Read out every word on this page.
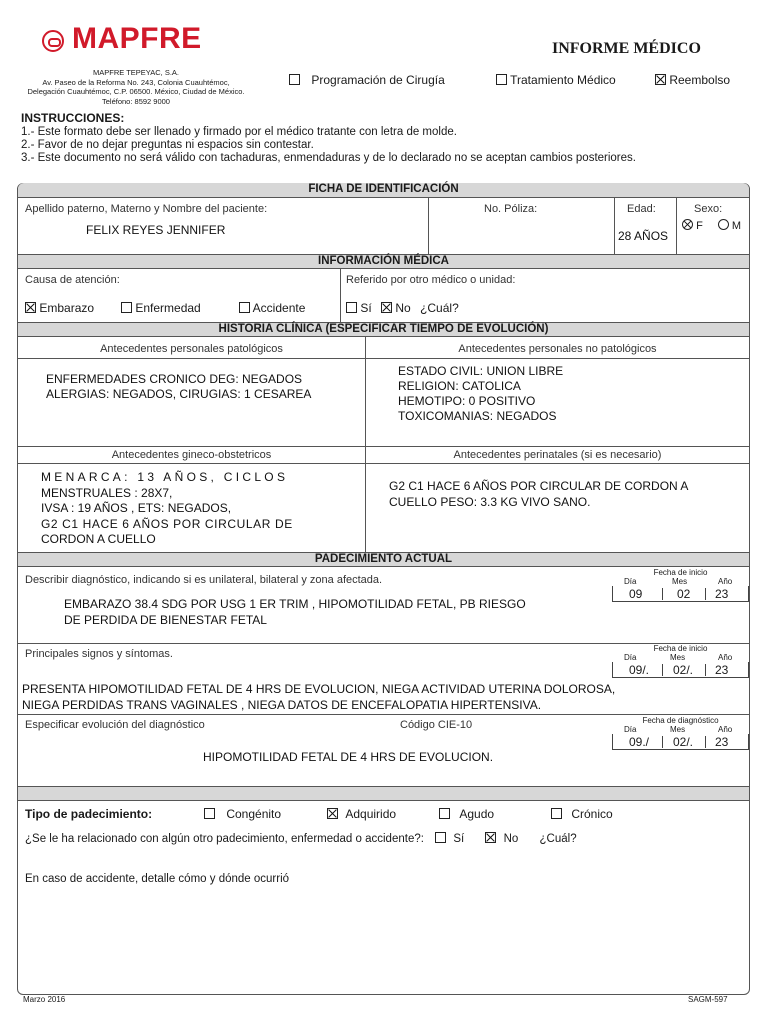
MAPFRE	INFORME MÉDICO
MAPFRE TEPEYAC, S.A.
Av. Paseo de la Reforma No. 243, Colonia Cuauhtémoc,
Delegación Cuauhtémoc, C.P. 06500. México, Ciudad de México.
Teléfono: 8592 9000
Programación de Cirugía	Tratamiento Médico	Reembolso
INSTRUCCIONES:
1.- Este formato debe ser llenado y firmado por el médico tratante con letra de molde.
2.- Favor de no dejar preguntas ni espacios sin contestar.
3.- Este documento no será válido con tachaduras, enmendaduras y de lo declarado no se aceptan cambios posteriores.
FICHA DE IDENTIFICACIÓN
Apellido paterno, Materno y Nombre del paciente:
FELIX REYES JENNIFER
No. Póliza:	Edad:
28 AÑOS
Sexo:
F	M
INFORMACIÓN MÉDICA
Causa de atención:
Embarazo	Enfermedad	Accidente
Referido por otro médico o unidad:
Sí No ¿Cuál?
HISTORIA CLÍNICA (ESPECIFICAR TIEMPO DE EVOLUCIÓN)
Antecedentes personales patológicos	Antecedentes personales no patológicos
ENFERMEDADES CRONICO DEG: NEGADOS
ALERGIAS: NEGADOS, CIRUGIAS: 1 CESAREA
ESTADO CIVIL: UNION LIBRE
RELIGION: CATOLICA
HEMOTIPO: 0 POSITIVO
TOXICOMANIAS: NEGADOS
Antecedentes gineco-obstetricos	Antecedentes perinatales (si es necesario)
MENARCA: 13 AÑOS, CICLOS
MENSTRUALES : 28X7,
IVSA : 19 AÑOS , ETS: NEGADOS,
G2 C1 HACE 6 AÑOS POR CIRCULAR DE
CORDON A CUELLO
G2 C1 HACE 6 AÑOS POR CIRCULAR DE CORDON A
CUELLO PESO: 3.3 KG VIVO SANO.
PADECIMIENTO ACTUAL
Describir diagnóstico, indicando si es unilateral, bilateral y zona afectada.
EMBARAZO 38.4 SDG POR USG 1 ER TRIM , HIPOMOTILIDAD FETAL, PB RIESGO
DE PERDIDA DE BIENESTAR FETAL
Fecha de inicio
Día	Mes	Año
09	02 23
Principales signos y síntomas.	Fecha de inicio
Día	Mes	Año
09/. 02/. 23
PRESENTA HIPOMOTILIDAD FETAL DE 4 HRS DE EVOLUCION, NIEGA ACTIVIDAD UTERINA DOLOROSA,
NIEGA PERDIDAS TRANS VAGINALES , NIEGA DATOS DE ENCEFALOPATIA HIPERTENSIVA.
Especificar evolución del diagnóstico	Código CIE-10	Fecha de diagnóstico
Día	Mes	Año
09./ 02/. 23
HIPOMOTILIDAD FETAL DE 4 HRS DE EVOLUCION.
Tipo de padecimiento:	Congénito	Adquirido	Agudo	Crónico
¿Se le ha relacionado con algún otro padecimiento, enfermedad o accidente?:	Sí	No ¿Cuál?
En caso de accidente, detalle cómo y dónde ocurrió
Marzo 2016	SAGM-597
